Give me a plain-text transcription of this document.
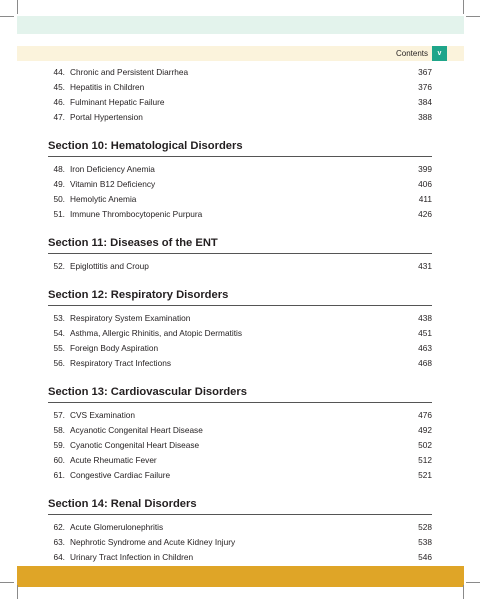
Contents	v
44. Chronic and Persistent Diarrhea	367
45. Hepatitis in Children	376
46. Fulminant Hepatic Failure	384
47. Portal Hypertension	388
Section 10: Hematological Disorders
48. Iron Deficiency Anemia	399
49. Vitamin B12 Deficiency	406
50. Hemolytic Anemia	411
51. Immune Thrombocytopenic Purpura	426
Section 11: Diseases of the ENT
52. Epiglottitis and Croup	431
Section 12: Respiratory Disorders
53. Respiratory System Examination	438
54. Asthma, Allergic Rhinitis, and Atopic Dermatitis	451
55. Foreign Body Aspiration	463
56. Respiratory Tract Infections	468
Section 13: Cardiovascular Disorders
57. CVS Examination	476
58. Acyanotic Congenital Heart Disease	492
59. Cyanotic Congenital Heart Disease	502
60. Acute Rheumatic Fever	512
61. Congestive Cardiac Failure	521
Section 14: Renal Disorders
62. Acute Glomerulonephritis	528
63. Nephrotic Syndrome and Acute Kidney Injury	538
64. Urinary Tract Infection in Children	546
